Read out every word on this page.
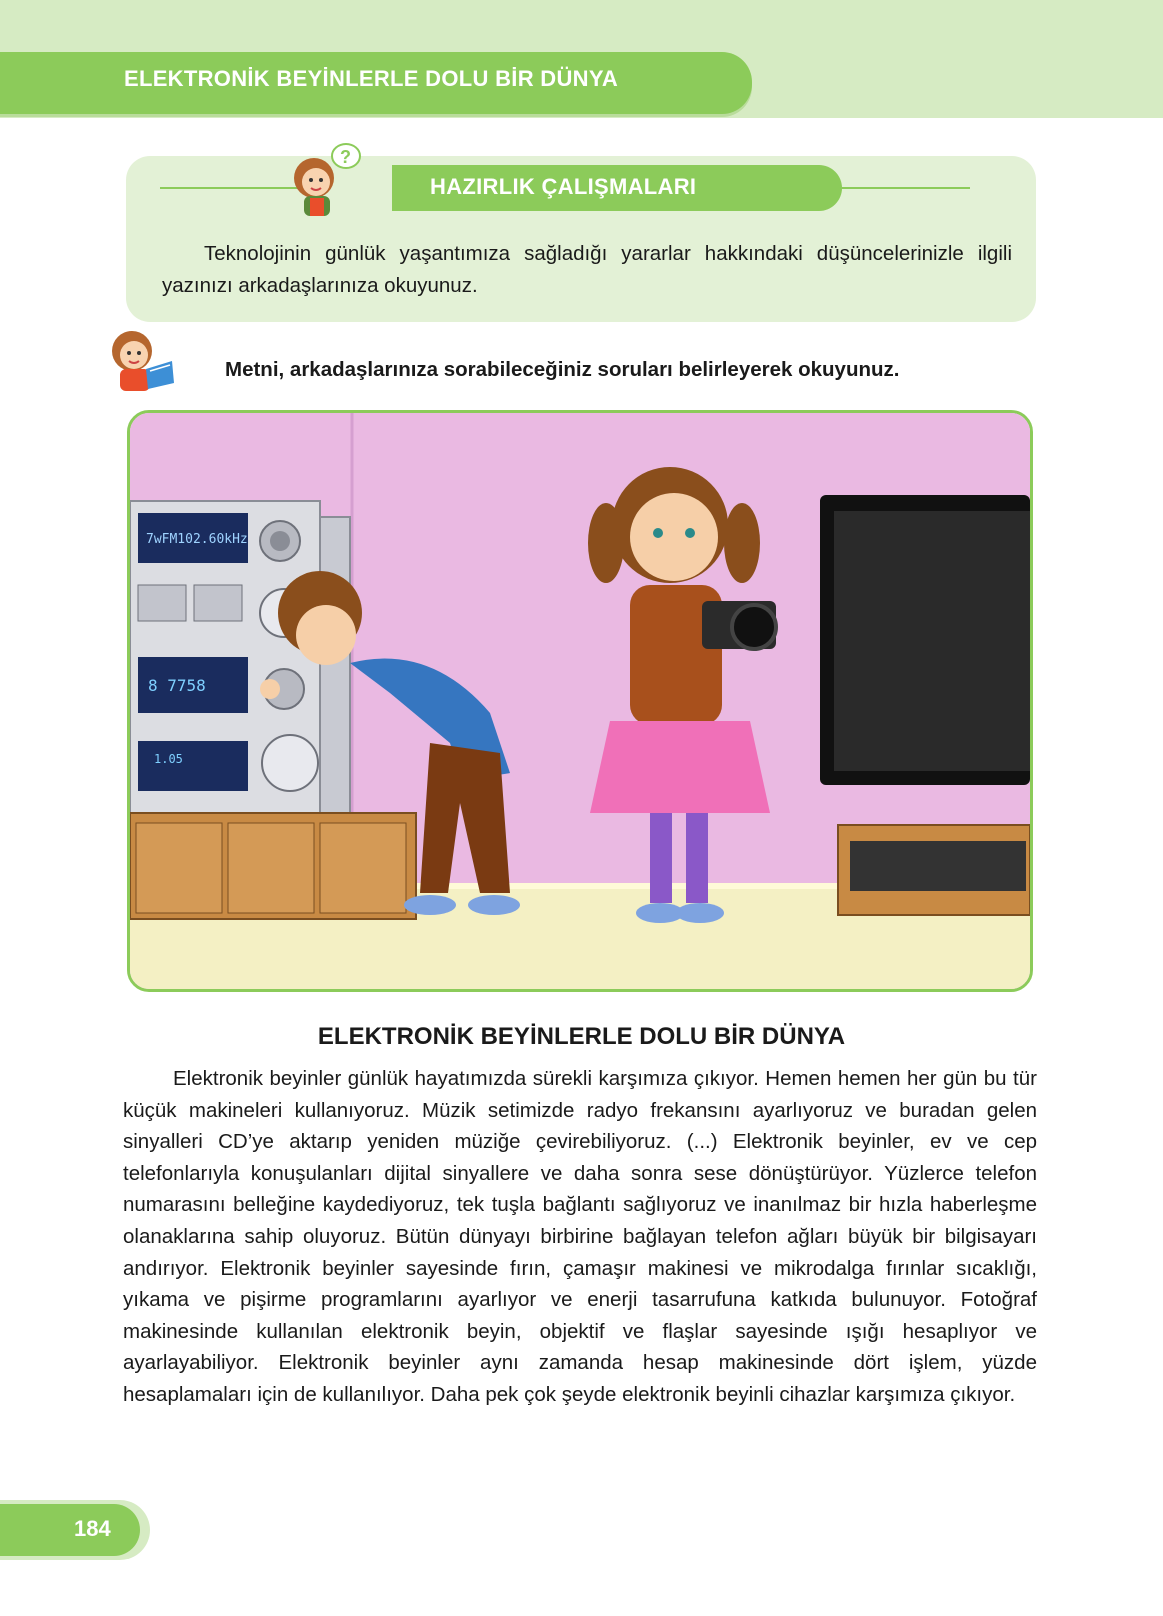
ELEKTRONİK BEYİNLERLE DOLU BİR DÜNYA
HAZIRLIK ÇALIŞMALARI
?
Teknolojinin günlük yaşantımıza sağladığı yararlar hakkındaki düşüncelerinizle ilgili yazınızı arkadaşlarınıza okuyunuz.
Metni, arkadaşlarınıza sorabileceğiniz soruları belirleyerek okuyunuz.
7wFM102.60kHz
8 7758
1.05
ELEKTRONİK BEYİNLERLE DOLU BİR DÜNYA
Elektronik beyinler günlük hayatımızda sürekli karşımıza çıkıyor. Hemen hemen her gün bu tür küçük makineleri kullanıyoruz. Müzik setimizde radyo frekansını ayarlıyoruz ve buradan gelen sinyalleri CD’ye aktarıp yeniden müziğe çevirebiliyoruz. (...) Elektronik beyinler, ev ve cep telefonlarıyla konuşulanları dijital sinyallere ve daha sonra sese dönüştürüyor. Yüzlerce telefon numarasını belleğine kaydediyoruz, tek tuşla bağlantı sağlıyoruz ve inanılmaz bir hızla haberleşme olanaklarına sahip oluyoruz. Bütün dünyayı birbirine bağlayan telefon ağları büyük bir bilgisayarı andırıyor. Elektronik beyinler sayesinde fırın, çamaşır makinesi ve mikrodalga fırınlar sıcaklığı, yıkama ve pişirme programlarını ayarlıyor ve enerji tasarrufuna katkıda bulunuyor. Fotoğraf makinesinde kullanılan elektronik beyin, objektif ve flaşlar sayesinde ışığı hesaplıyor ve ayarlayabiliyor. Elektronik beyinler aynı zamanda hesap makinesinde dört işlem, yüzde hesaplamaları için de kullanılıyor. Daha pek çok şeyde elektronik beyinli cihazlar karşımıza çıkıyor.
184
